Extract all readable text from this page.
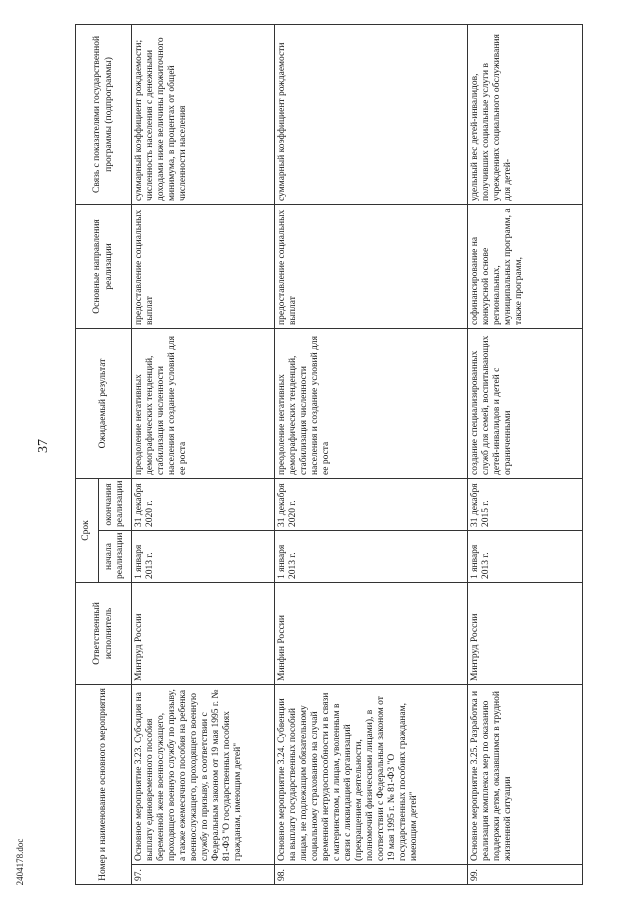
37
2404178.doc	Номер и наименование основного мероприятия		Ответственный исполнитель	Срок		Ожидаемый результат	Основные направления реализации	Связь с показателями государственной программы (подпрограммы)
			начала реализации	окончания реализации			
97.	Основное мероприятие 3.23. Субсидия на выплату единовременного пособия беременной жене военнослужащего, проходящего военную службу по призыву, а также ежемесячного пособия на ребенка военнослужащего, проходящего военную службу по призыву, в соответствии с Федеральным законом от 19 мая 1995 г. № 81-ФЗ "О государственных пособиях гражданам, имеющим детей"	Минтруд России	1 января 2013 г.	31 декабря 2020 г.	преодоление негативных демографических тенденций, стабилизация численности населения и создание условий для ее роста	предоставление социальных выплат	суммарный коэффициент рождаемости; численность населения с денежными доходами ниже величины прожиточного минимума, в процентах от общей численности населения
98.	Основное мероприятие 3.24. Субвенции на выплату государственных пособий лицам, не подлежащим обязательному социальному страхованию на случай временной нетрудоспособности и в связи с материнством, и лицам, уволенным в связи с ликвидацией организаций (прекращением деятельности, полномочий физическими лицами), в соответствии с Федеральным законом от 19 мая 1995 г. № 81-ФЗ "О государственных пособиях гражданам, имеющим детей"	Минфин России	1 января 2013 г.	31 декабря 2020 г.	преодоление негативных демографических тенденций, стабилизация численности населения и создание условий для ее роста	предоставление социальных выплат	суммарный коэффициент рождаемости
99.	Основное мероприятие 3.25. Разработка и реализация комплекса мер по оказанию поддержки детям, оказавшимся в трудной жизненной ситуации	Минтруд России	1 января 2013 г.	31 декабря 2015 г.	создание специализированных служб для семей, воспитывающих детей-инвалидов и детей с ограниченными	софинансирование на конкурсной основе региональных, муниципальных программ, а также программ,	удельный вес детей-инвалидов, получивших социальные услуги в учреждениях социального обслуживания для детей-
